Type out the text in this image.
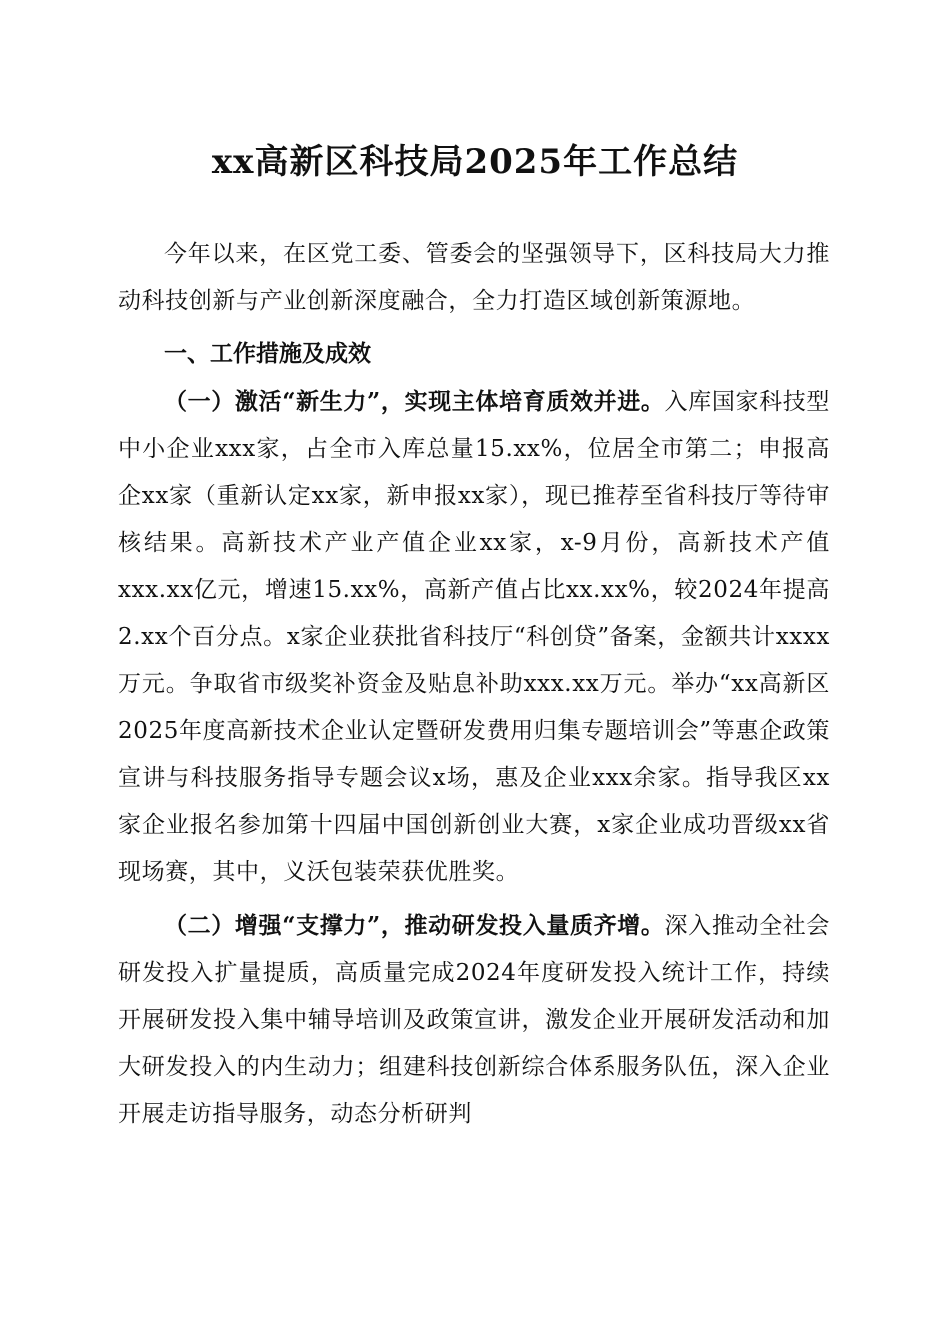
xx高新区科技局2025年工作总结

今年以来，在区党工委、管委会的坚强领导下，区科技局大力推动科技创新与产业创新深度融合，全力打造区域创新策源地。

一、工作措施及成效

（一）激活“新生力”，实现主体培育质效并进。入库国家科技型中小企业xxx家，占全市入库总量15.xx%，位居全市第二；申报高企xx家（重新认定xx家，新申报xx家），现已推荐至省科技厅等待审核结果。高新技术产业产值企业xx家，x-9月份，高新技术产值xxx.xx亿元，增速15.xx%，高新产值占比xx.xx%，较2024年提高2.xx个百分点。x家企业获批省科技厅“科创贷”备案，金额共计xxxx万元。争取省市级奖补资金及贴息补助xxx.xx万元。举办“xx高新区2025年度高新技术企业认定暨研发费用归集专题培训会”等惠企政策宣讲与科技服务指导专题会议x场，惠及企业xxx余家。指导我区xx家企业报名参加第十四届中国创新创业大赛，x家企业成功晋级xx省现场赛，其中，义沃包装荣获优胜奖。

（二）增强“支撑力”，推动研发投入量质齐增。深入推动全社会研发投入扩量提质，高质量完成2024年度研发投入统计工作，持续开展研发投入集中辅导培训及政策宣讲，激发企业开展研发活动和加大研发投入的内生动力；组建科技创新综合体系服务队伍，深入企业开展走访指导服务，动态分析研判
